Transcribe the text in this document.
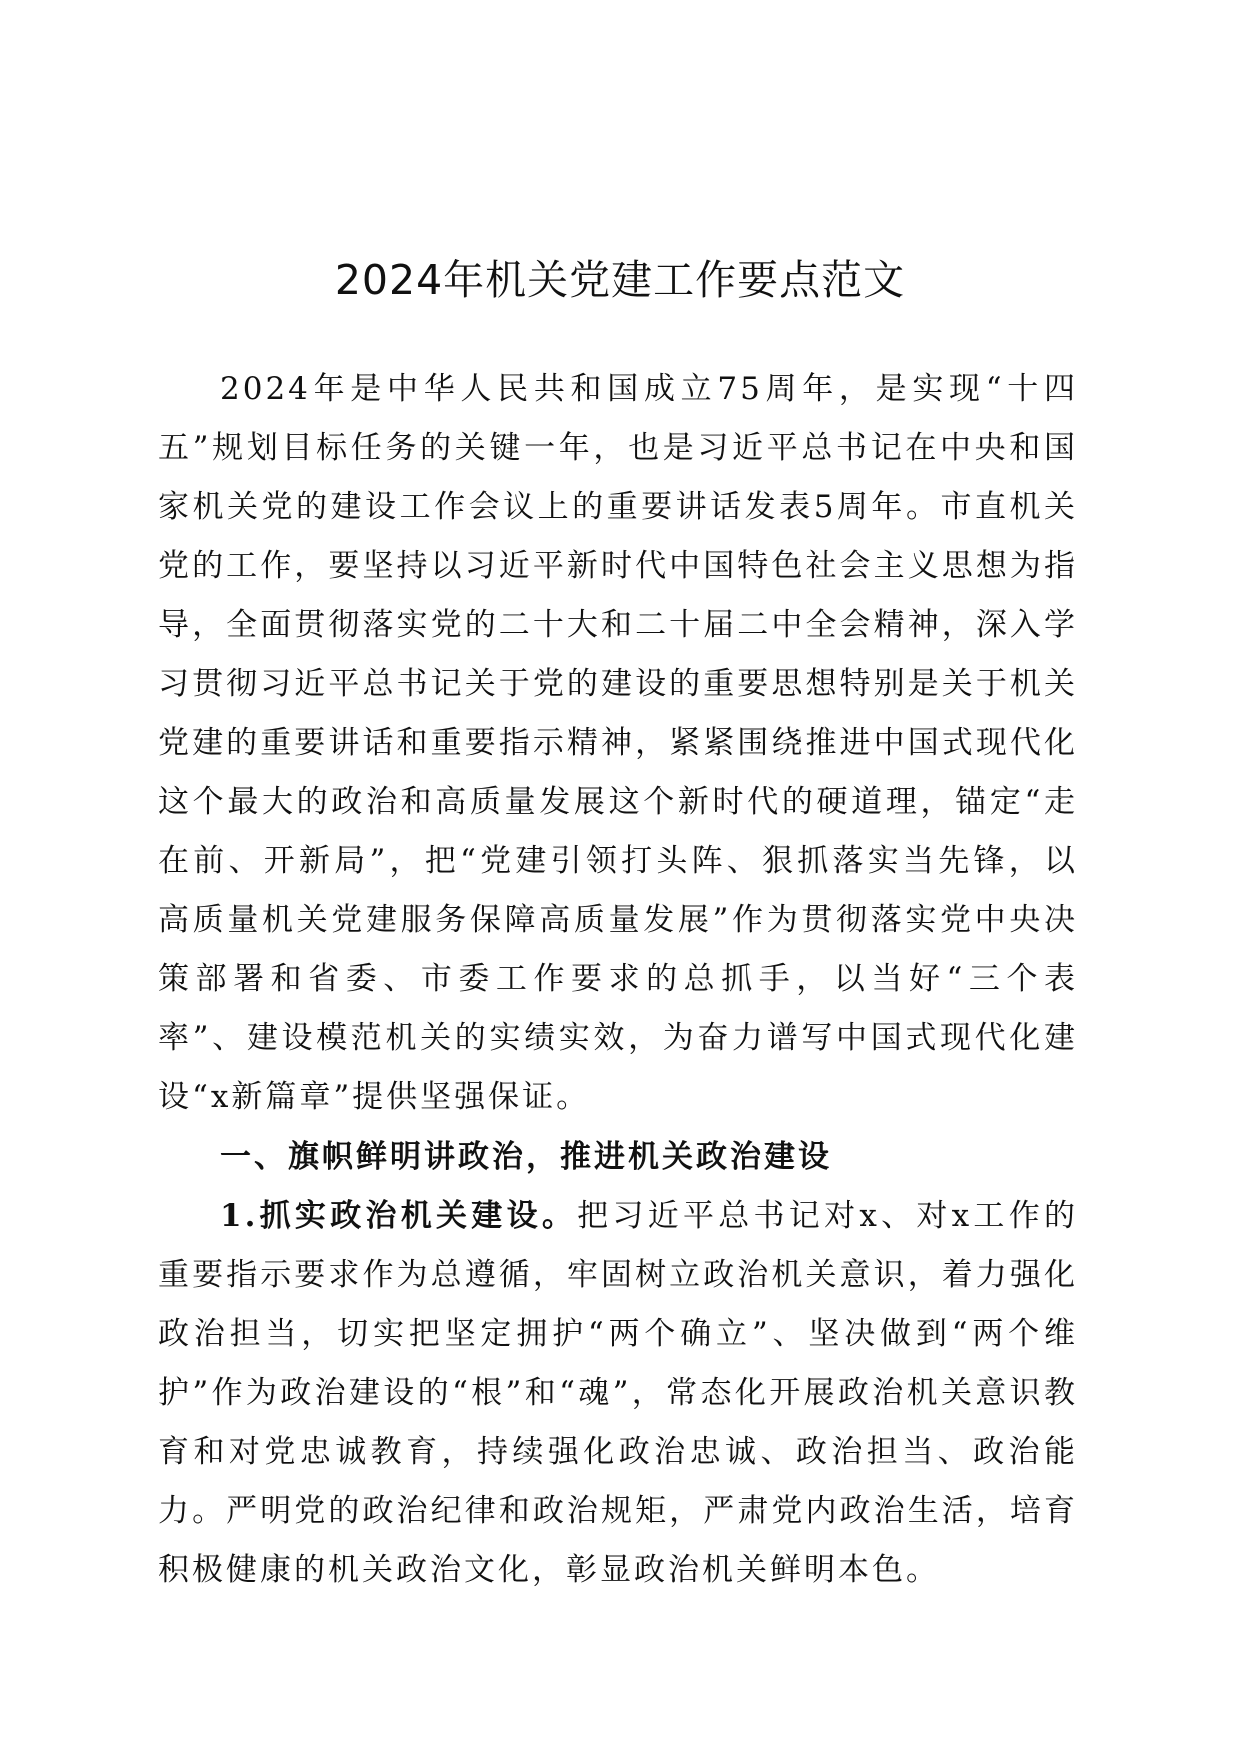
2024年机关党建工作要点范文

2024年是中华人民共和国成立75周年，是实现“十四五”规划目标任务的关键一年，也是习近平总书记在中央和国家机关党的建设工作会议上的重要讲话发表5周年。市直机关党的工作，要坚持以习近平新时代中国特色社会主义思想为指导，全面贯彻落实党的二十大和二十届二中全会精神，深入学习贯彻习近平总书记关于党的建设的重要思想特别是关于机关党建的重要讲话和重要指示精神，紧紧围绕推进中国式现代化这个最大的政治和高质量发展这个新时代的硬道理，锚定“走在前、开新局”，把“党建引领打头阵、狠抓落实当先锋，以高质量机关党建服务保障高质量发展”作为贯彻落实党中央决策部署和省委、市委工作要求的总抓手，以当好“三个表率”、建设模范机关的实绩实效，为奋力谱写中国式现代化建设“x新篇章”提供坚强保证。

一、旗帜鲜明讲政治，推进机关政治建设

1.抓实政治机关建设。把习近平总书记对x、对x工作的重要指示要求作为总遵循，牢固树立政治机关意识，着力强化政治担当，切实把坚定拥护“两个确立”、坚决做到“两个维护”作为政治建设的“根”和“魂”，常态化开展政治机关意识教育和对党忠诚教育，持续强化政治忠诚、政治担当、政治能力。严明党的政治纪律和政治规矩，严肃党内政治生活，培育积极健康的机关政治文化，彰显政治机关鲜明本色。
